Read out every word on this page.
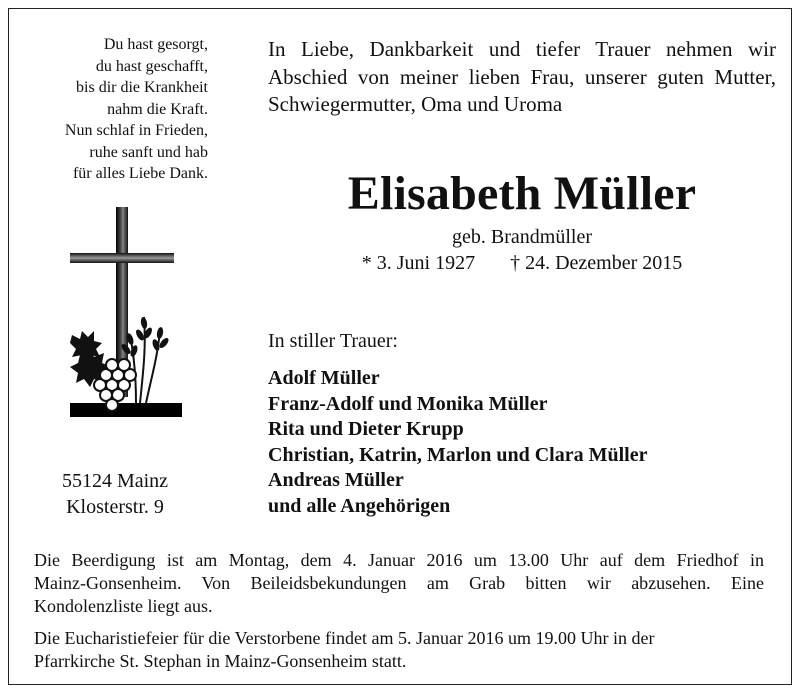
Du hast gesorgt,
du hast geschafft,
bis dir die Krankheit
nahm die Kraft.
Nun schlaf in Frieden,
ruhe sanft und hab
für alles Liebe Dank.
In Liebe, Dankbarkeit und tiefer Trauer nehmen wir
Abschied von meiner lieben Frau, unserer guten Mutter,
Schwiegermutter, Oma und Uroma
Elisabeth Müller
geb. Brandmüller
* 3. Juni 1927 † 24. Dezember 2015
55124 Mainz
Klosterstr. 9
In stiller Trauer:
Adolf Müller
Franz-Adolf und Monika Müller
Rita und Dieter Krupp
Christian, Katrin, Marlon und Clara Müller
Andreas Müller
und alle Angehörigen
Die Beerdigung ist am Montag, dem 4. Januar 2016 um 13.00 Uhr auf dem Friedhof in
Mainz-Gonsenheim. Von Beileidsbekundungen am Grab bitten wir abzusehen. Eine
Kondolenzliste liegt aus.
Die Eucharistiefeier für die Verstorbene findet am 5. Januar 2016 um 19.00 Uhr in der
Pfarrkirche St. Stephan in Mainz-Gonsenheim statt.
